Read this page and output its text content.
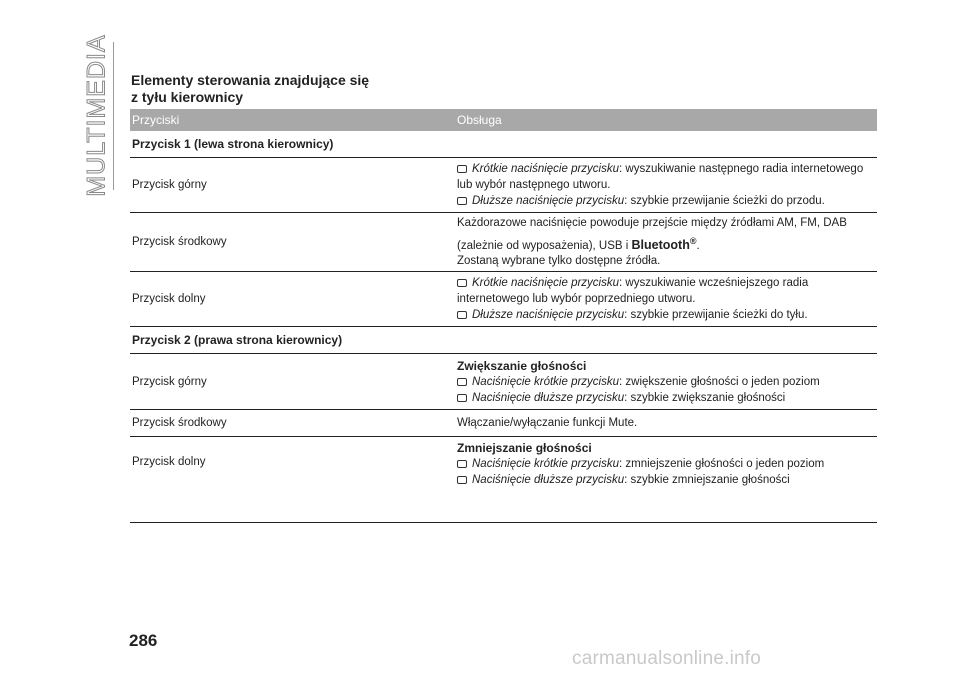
MULTIMEDIA Elementy sterowania znajdujące się
z tyłu kierownicy
Przyciski	Obsługa
Przycisk 1 (lewa strona kierownicy)	
Przycisk górny	Krótkie naciśnięcie przycisku: wyszukiwanie następnego radia internetowego
lub wybór następnego utworu.
Dłuższe naciśnięcie przycisku: szybkie przewijanie ścieżki do przodu.

Przycisk środkowy	Każdorazowe naciśnięcie powoduje przejście między źródłami AM, FM, DAB
(zależnie od wyposażenia), USB i Bluetooth®.
Zostaną wybrane tylko dostępne źródła.

Przycisk dolny	Krótkie naciśnięcie przycisku: wyszukiwanie wcześniejszego radia
internetowego lub wybór poprzedniego utworu.
Dłuższe naciśnięcie przycisku: szybkie przewijanie ścieżki do tyłu.

Przycisk 2 (prawa strona kierownicy)	
Przycisk górny	Zwiększanie głośności
Naciśnięcie krótkie przycisku: zwiększenie głośności o jeden poziom
Naciśnięcie dłuższe przycisku: szybkie zwiększanie głośności

Przycisk środkowy	Włączanie/wyłączanie funkcji Mute.
Przycisk dolny	Zmniejszanie głośności
Naciśnięcie krótkie przycisku: zmniejszenie głośności o jeden poziom
Naciśnięcie dłuższe przycisku: szybkie zmniejszanie głośności
286
carmanualsonline.info
